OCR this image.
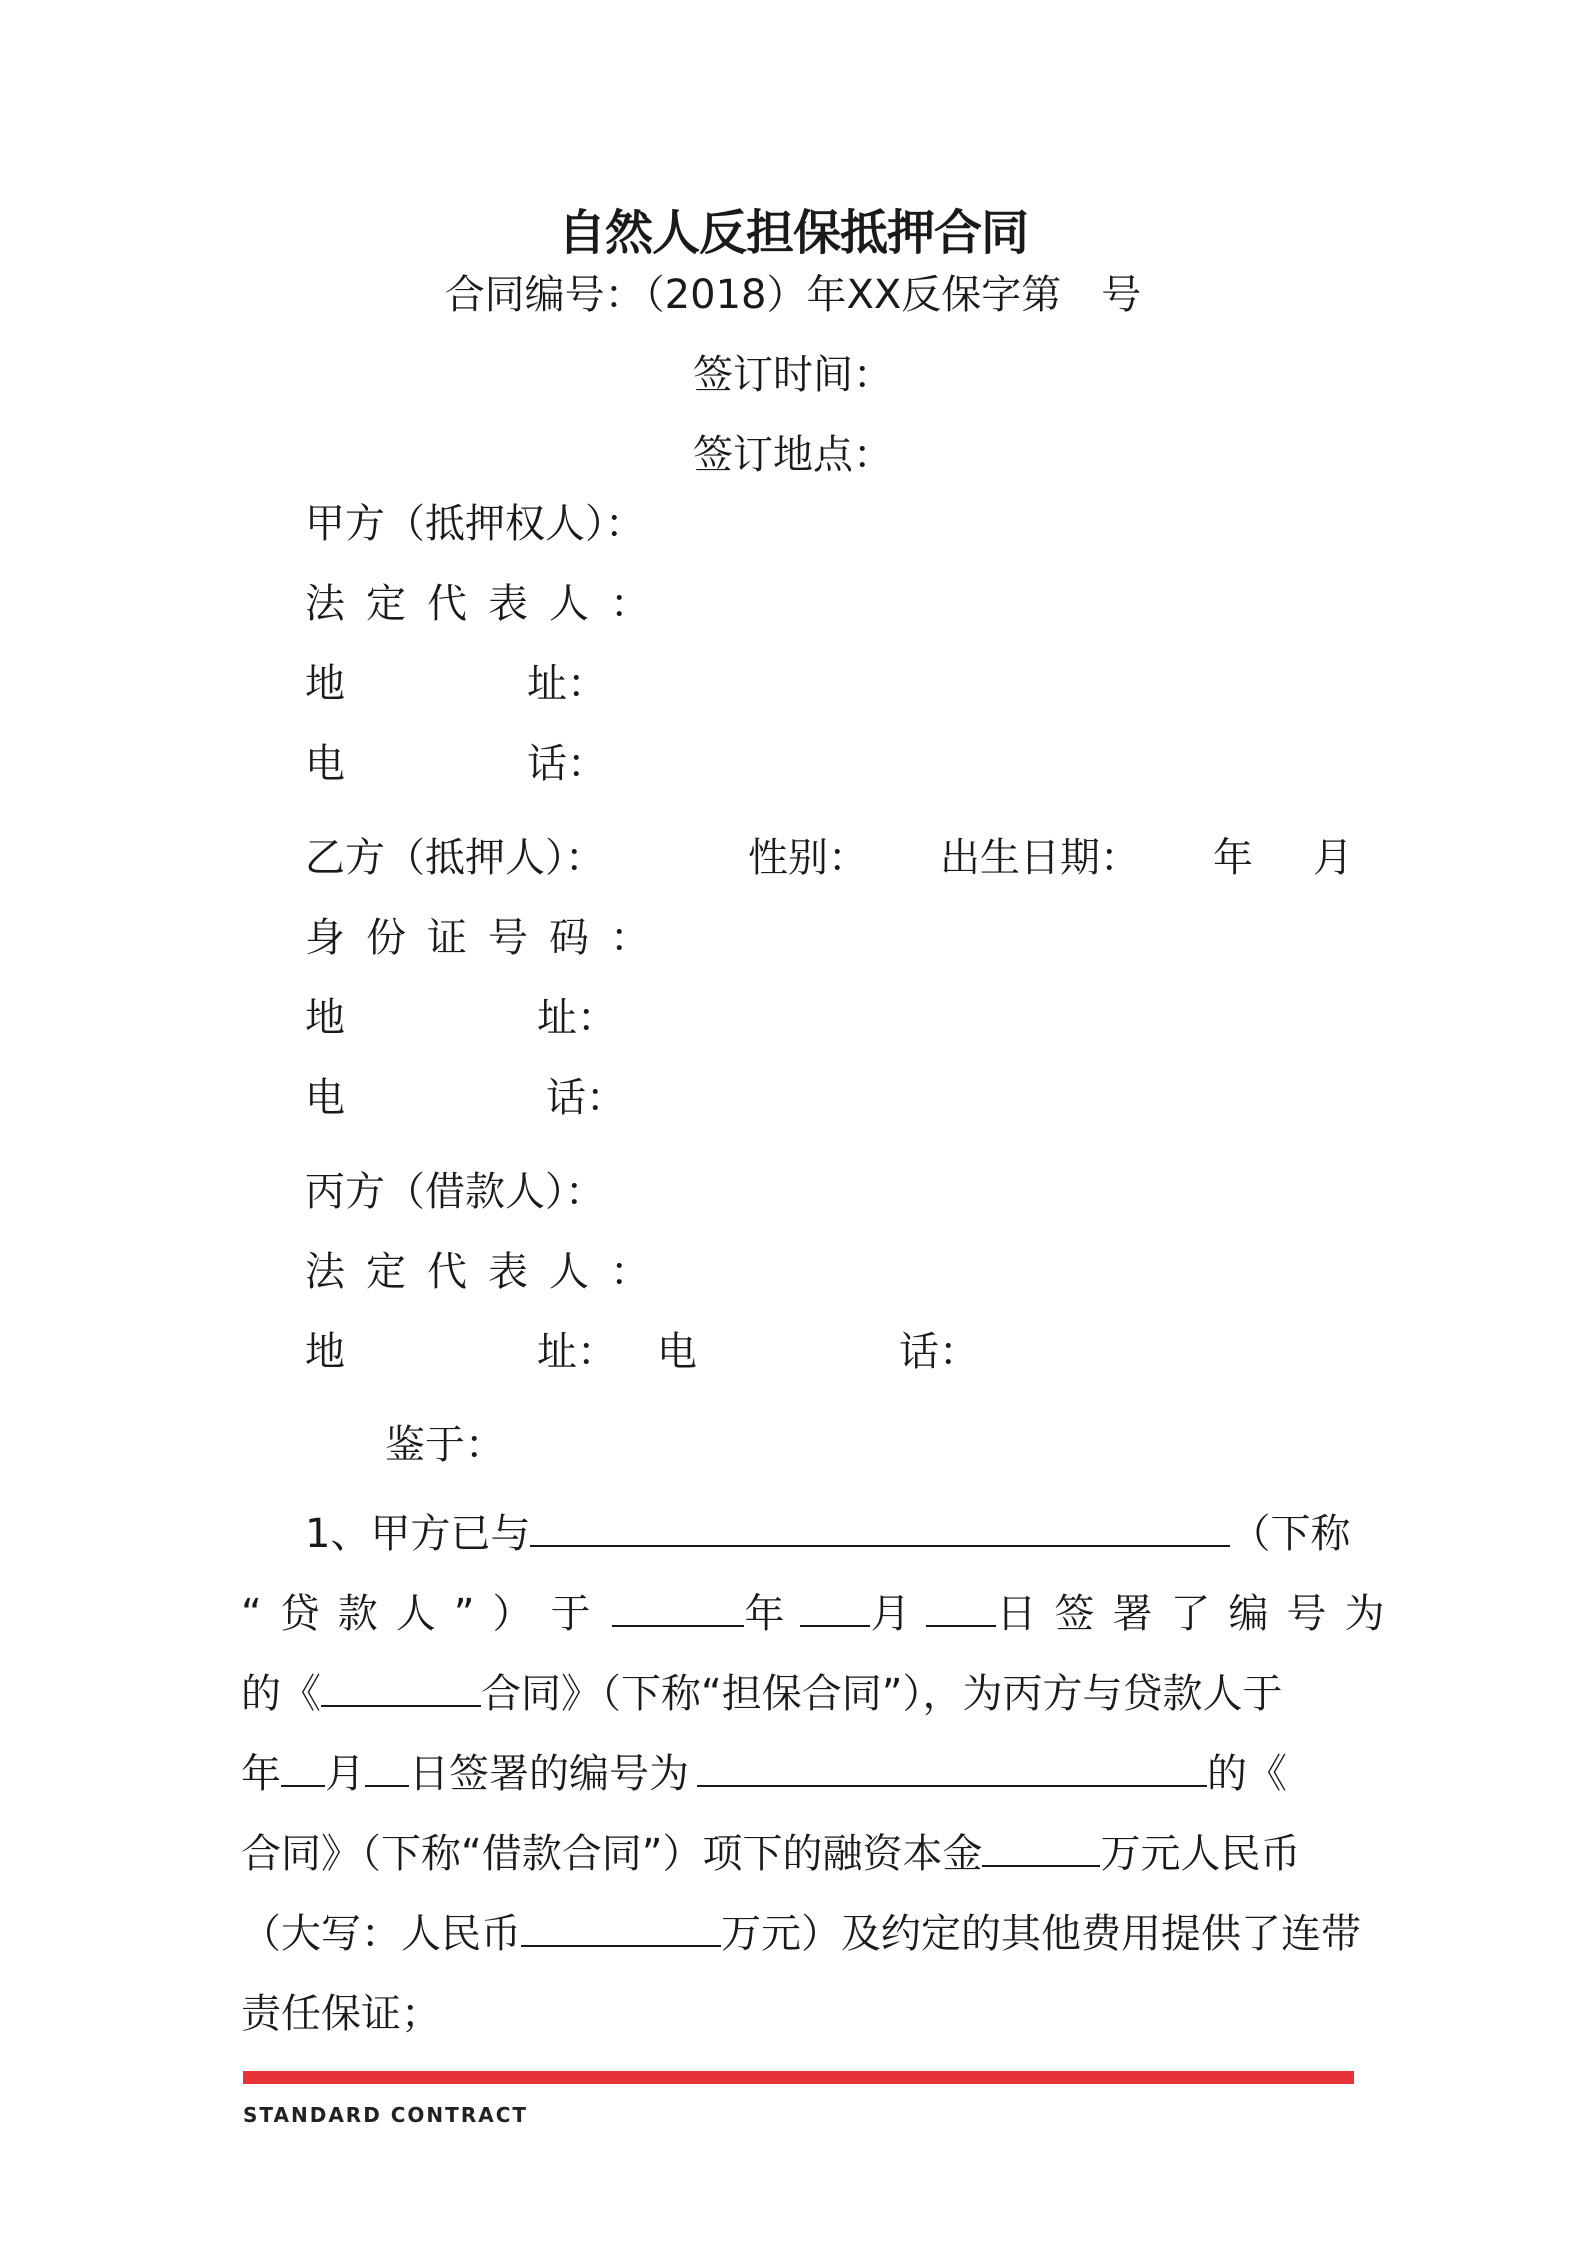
自然人反担保抵押合同
合同编号：（2018）年XX反保字第　号
签订时间：
签订地点：
甲方（抵押权人）：
法定代表人：
地	址：
电	话：
乙方（抵押人）：	性别： 出生日期： 年 月
身份证号码：
地	址：
电	话：
丙方（借款人）：
法定代表人：
地	址： 电	话：
鉴于：
1、甲方已与	（下称
“贷款人”）于	年 月 日签署了编号为
的《	合同》（下称“担保合同”），为丙方与贷款人于
年 月 日签署的编号为	的《
合同》（下称“借款合同”）项下的融资本金	万元人民币
（大写：人民币	万元）及约定的其他费用提供了连带
责任保证；
STANDARD CONTRACT
